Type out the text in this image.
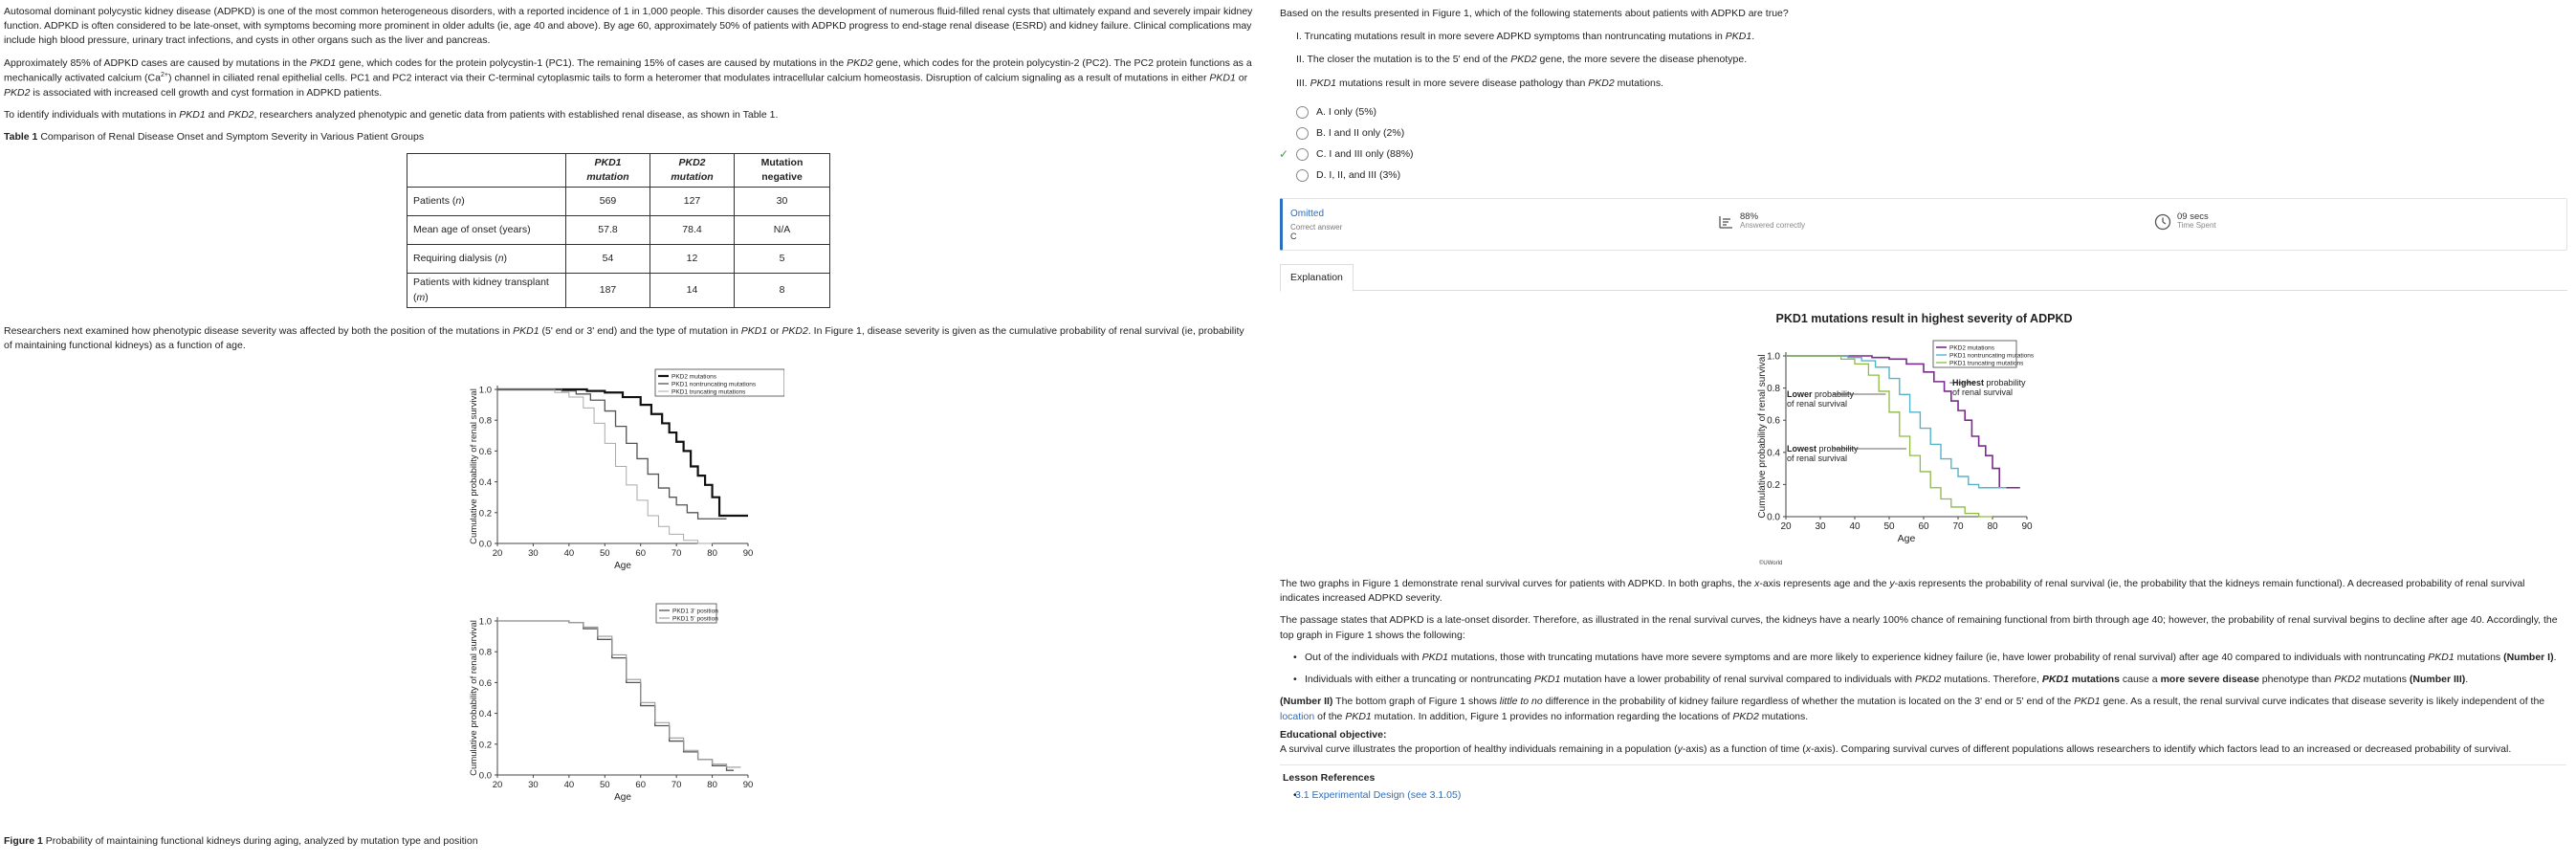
Autosomal dominant polycystic kidney disease (ADPKD) is one of the most common heterogeneous disorders, with a reported incidence of 1 in 1,000 people. This disorder causes the development of numerous fluid-filled renal cysts that ultimately expand and severely impair kidney function. ADPKD is often considered to be late-onset, with symptoms becoming more prominent in older adults (ie, age 40 and above). By age 60, approximately 50% of patients with ADPKD progress to end-stage renal disease (ESRD) and kidney failure. Clinical complications may include high blood pressure, urinary tract infections, and cysts in other organs such as the liver and pancreas.

Approximately 85% of ADPKD cases are caused by mutations in the PKD1 gene, which codes for the protein polycystin-1 (PC1). The remaining 15% of cases are caused by mutations in the PKD2 gene, which codes for the protein polycystin-2 (PC2). The PC2 protein functions as a mechanically activated calcium $(Ca^{2+})$ channel in ciliated renal epithelial cells. PC1 and PC2 interact via their C-terminal cytoplasmic tails to form a heteromer that modulates intracellular calcium homeostasis. Disruption of calcium signaling as a result of mutations in either PKD1 or PKD2 is associated with increased cell growth and cyst formation in ADPKD patients.

To identify individuals with mutations in PKD1 and PKD2, researchers analyzed phenotypic and genetic data from patients with established renal disease, as shown in Table 1.

Table 1 Comparison of Renal Disease Onset and Symptom Severity in Various Patient Groups

	PKD1 mutation	PKD2 mutation	Mutation negative
Patients (n)	569	127	30
Mean age of onset (years)	57.8	78.4	N/A
Requiring dialysis (n)	54	12	5
Patients with kidney transplant (m)	187	14	8

Researchers next examined how phenotypic disease severity was affected by both the position of the mutations in PKD1 (5' end or 3' end) and the type of mutation in PKD1 or PKD2. In Figure 1, disease severity is given as the cumulative probability of renal survival (ie, probability of maintaining functional kidneys) as a function of age.

20	30	40	50	60	70	80	90
0.0
0.2
0.4
0.6
0.8
1.0
Age
Cumulative probability of renal survival
PKD2 mutations
PKD1 nontruncating mutations
PKD1 truncating mutations
20	30	40	50	60	70	80	90
0.0
0.2
0.4
0.6
0.8
1.0
Age
Cumulative probability of renal survival
PKD1 3' position
PKD1 5' position

Figure 1 Probability of maintaining functional kidneys during aging, analyzed by mutation type and position

Based on the results presented in Figure 1, which of the following statements about patients with ADPKD are true?

I. Truncating mutations result in more severe ADPKD symptoms than nontruncating mutations in PKD1.

II. The closer the mutation is to the 5' end of the PKD2 gene, the more severe the disease phenotype.

III. PKD1 mutations result in more severe disease pathology than PKD2 mutations.

A. I only (5%)
B. I and II only (2%)
✓	C. I and III only (88%)
D. I, II, and III (3%)
Omitted
Correct answer
C
88%
Answered correctly
09 secs
Time Spent
Explanation
PKD1 mutations result in highest severity of ADPKD
20 30 40 50 60 70 80 90
0.0
0.2
0.4
0.6
0.8
1.0
Age
Cumulative probability of renal survival
PKD2 mutations
PKD1 nontruncating mutations
PKD1 truncating mutations
Highest probability
of renal survival
Lower probability
of renal survival
Lowest probability
of renal survival
©UWorld

The two graphs in Figure 1 demonstrate renal survival curves for patients with ADPKD. In both graphs, the x-axis represents age and the y-axis represents the probability of renal survival (ie, the probability that the kidneys remain functional). A decreased probability of renal survival indicates increased ADPKD severity.

The passage states that ADPKD is a late-onset disorder. Therefore, as illustrated in the renal survival curves, the kidneys have a nearly 100% chance of remaining functional from birth through age 40; however, the probability of renal survival begins to decline after age 40. Accordingly, the top graph in Figure 1 shows the following:

• Out of the individuals with PKD1 mutations, those with truncating mutations have more severe symptoms and are more likely to experience kidney failure (ie, have lower probability of renal survival) after age 40 compared to individuals with nontruncating PKD1 mutations (Number I).
• Individuals with either a truncating or nontruncating PKD1 mutation have a lower probability of renal survival compared to individuals with PKD2 mutations. Therefore, PKD1 mutations cause a more severe disease phenotype than PKD2 mutations (Number III).

(Number II) The bottom graph of Figure 1 shows little to no difference in the probability of kidney failure regardless of whether the mutation is located on the 3' end or 5' end of the PKD1 gene. As a result, the renal survival curve indicates that disease severity is likely independent of the location of the PKD1 mutation. In addition, Figure 1 provides no information regarding the locations of PKD2 mutations.

Educational objective:

A survival curve illustrates the proportion of healthy individuals remaining in a population (y-axis) as a function of time (x-axis). Comparing survival curves of different populations allows researchers to identify which factors lead to an increased or decreased probability of survival.

Lesson References

• 3.1 Experimental Design (see 3.1.05)
